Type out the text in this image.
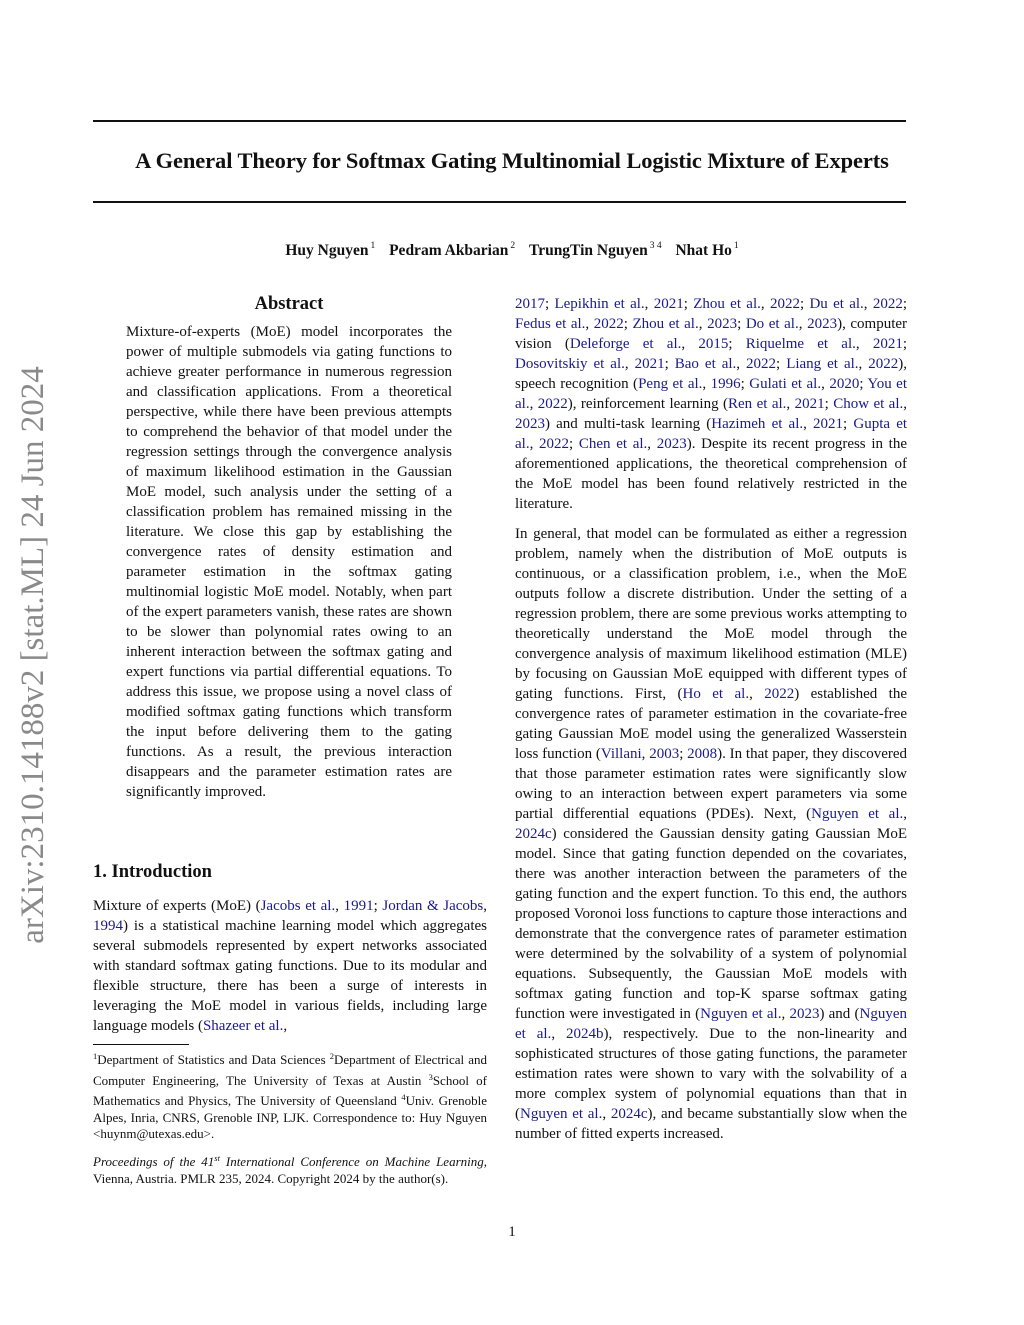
A General Theory for Softmax Gating Multinomial Logistic Mixture of Experts
Huy Nguyen $^1$ Pedram Akbarian $^2$ TrungTin Nguyen $^{3 4}$ Nhat Ho $^1$
arXiv:2310.14188v2 [stat.ML] 24 Jun 2024
Abstract
Mixture-of-experts (MoE) model incorporates the power of multiple submodels via gating functions to achieve greater performance in numerous regression and classification applications. From a theoretical perspective, while there have been previous attempts to comprehend the behavior of that model under the regression settings through the convergence analysis of maximum likelihood estimation in the Gaussian MoE model, such analysis under the setting of a classification problem has remained missing in the literature. We close this gap by establishing the convergence rates of density estimation and parameter estimation in the softmax gating multinomial logistic MoE model. Notably, when part of the expert parameters vanish, these rates are shown to be slower than polynomial rates owing to an inherent interaction between the softmax gating and expert functions via partial differential equations. To address this issue, we propose using a novel class of modified softmax gating functions which transform the input before delivering them to the gating functions. As a result, the previous interaction disappears and the parameter estimation rates are significantly improved.
1. Introduction
Mixture of experts (MoE) (Jacobs et al., 1991; Jordan & Jacobs, 1994) is a statistical machine learning model which aggregates several submodels represented by expert networks associated with standard softmax gating functions. Due to its modular and flexible structure, there has been a surge of interests in leveraging the MoE model in various fields, including large language models (Shazeer et al.,
$^1$Department of Statistics and Data Sciences $^2$Department of Electrical and Computer Engineering, The University of Texas at Austin $^3$School of Mathematics and Physics, The University of Queensland $^4$Univ. Grenoble Alpes, Inria, CNRS, Grenoble INP, LJK. Correspondence to: Huy Nguyen <huynm@utexas.edu>.
Proceedings of the 41st International Conference on Machine Learning, Vienna, Austria. PMLR 235, 2024. Copyright 2024 by the author(s).
2017; Lepikhin et al., 2021; Zhou et al., 2022; Du et al., 2022; Fedus et al., 2022; Zhou et al., 2023; Do et al., 2023), computer vision (Deleforge et al., 2015; Riquelme et al., 2021; Dosovitskiy et al., 2021; Bao et al., 2022; Liang et al., 2022), speech recognition (Peng et al., 1996; Gulati et al., 2020; You et al., 2022), reinforcement learning (Ren et al., 2021; Chow et al., 2023) and multi-task learning (Hazimeh et al., 2021; Gupta et al., 2022; Chen et al., 2023). Despite its recent progress in the aforementioned applications, the theoretical comprehension of the MoE model has been found relatively restricted in the literature.
In general, that model can be formulated as either a regression problem, namely when the distribution of MoE outputs is continuous, or a classification problem, i.e., when the MoE outputs follow a discrete distribution. Under the setting of a regression problem, there are some previous works attempting to theoretically understand the MoE model through the convergence analysis of maximum likelihood estimation (MLE) by focusing on Gaussian MoE equipped with different types of gating functions. First, (Ho et al., 2022) established the convergence rates of parameter estimation in the covariate-free gating Gaussian MoE model using the generalized Wasserstein loss function (Villani, 2003; 2008). In that paper, they discovered that those parameter estimation rates were significantly slow owing to an interaction between expert parameters via some partial differential equations (PDEs). Next, (Nguyen et al., 2024c) considered the Gaussian density gating Gaussian MoE model. Since that gating function depended on the covariates, there was another interaction between the parameters of the gating function and the expert function. To this end, the authors proposed Voronoi loss functions to capture those interactions and demonstrate that the convergence rates of parameter estimation were determined by the solvability of a system of polynomial equations. Subsequently, the Gaussian MoE models with softmax gating function and top-K sparse softmax gating function were investigated in (Nguyen et al., 2023) and (Nguyen et al., 2024b), respectively. Due to the non-linearity and sophisticated structures of those gating functions, the parameter estimation rates were shown to vary with the solvability of a more complex system of polynomial equations than that in (Nguyen et al., 2024c), and became substantially slow when the number of fitted experts increased.
1
